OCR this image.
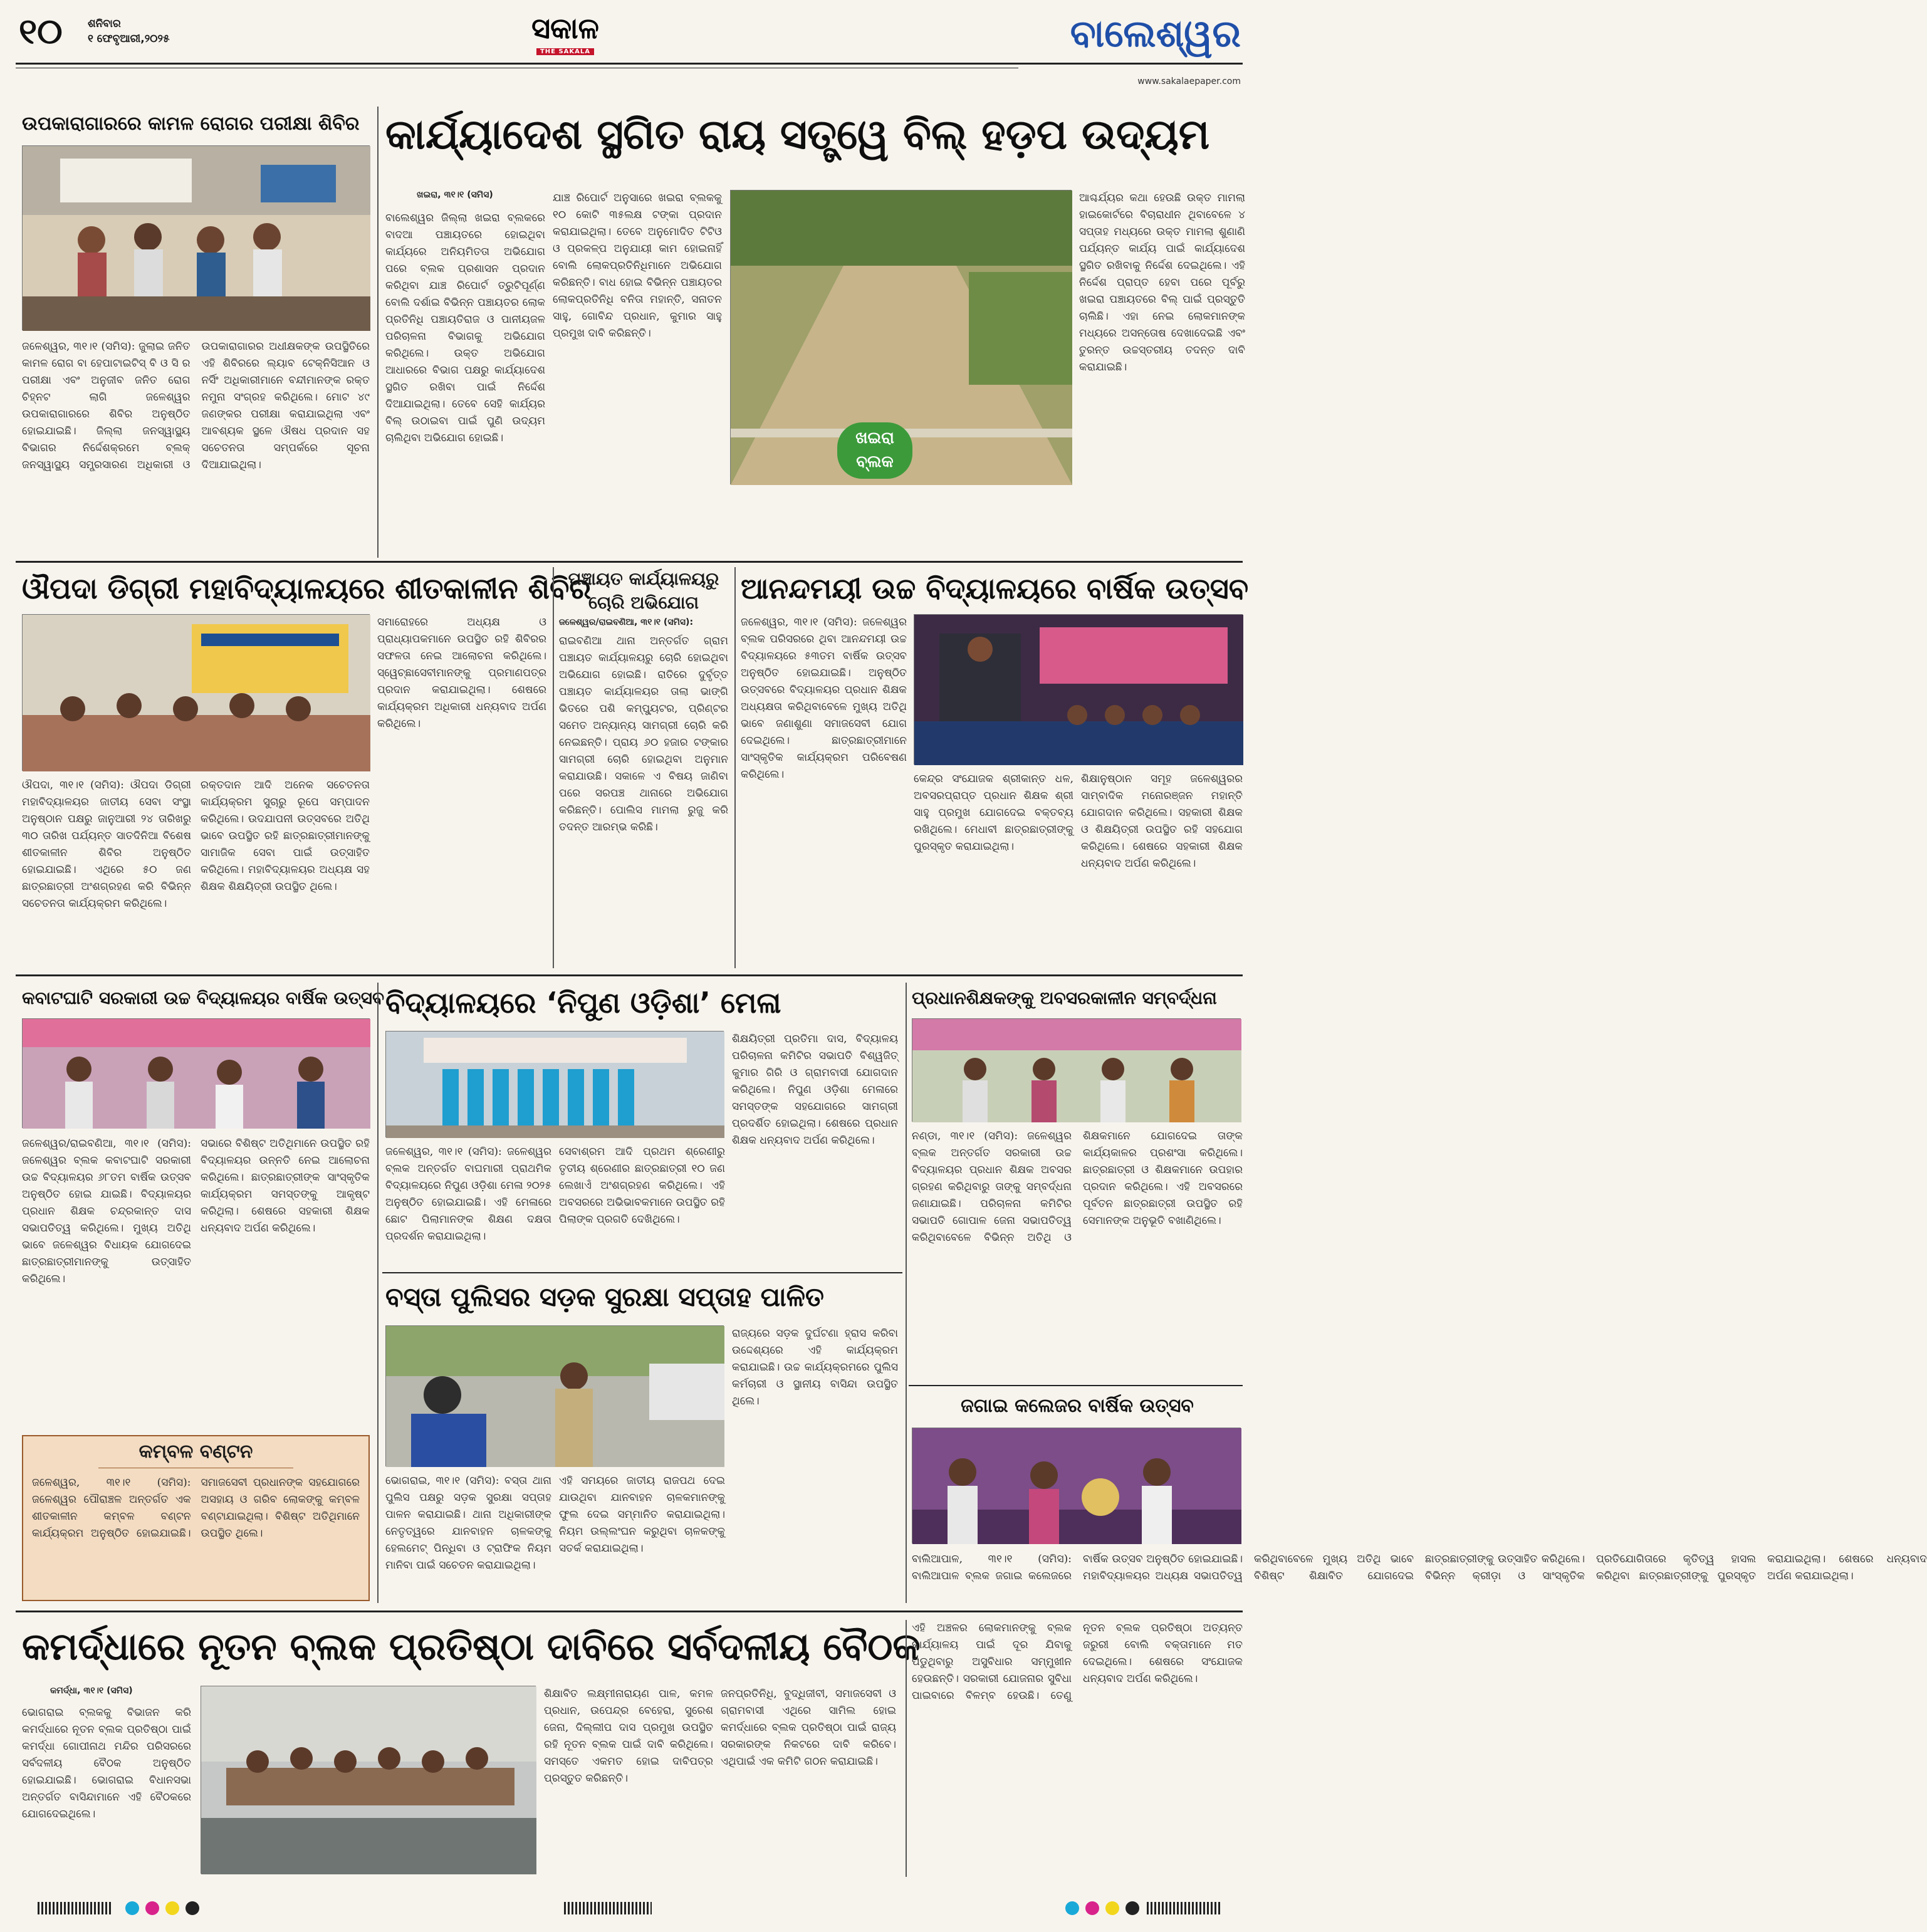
୧୦	ଶନିବାର
୧ ଫେବୃଆରୀ,୨୦୨୫	ସକାଳ
THE SAKALA	ବାଲେଶ୍ୱର
www.sakalaepaper.com
ଉପକାରାଗାରରେ କାମଳ ରୋଗର ପରୀକ୍ଷା ଶିବିର
ଜଳେଶ୍ୱର, ୩୧।୧ (ସମିସ): ଜୁଲାଇ ଜନିତ କାମଳ ରୋଗ ବା ହେପାଟାଇଟିସ୍ ବି ଓ ସି ର ପରୀକ୍ଷା ଏବଂ ଅନୁଜୀବ ଜନିତ ରୋଗ ଚିହ୍ନଟ ଲାଗି ଜଳେଶ୍ୱର ଉପକାରାଗାରରେ ଶିବିର ଅନୁଷ୍ଠିତ ହୋଇଯାଇଛି। ଜିଲ୍ଲା ଜନସ୍ୱାସ୍ଥ୍ୟ ବିଭାଗର ନିର୍ଦ୍ଦେଶକ୍ରମେ ବ୍ଲକ୍ ଜନସ୍ୱାସ୍ଥ୍ୟ ସମ୍ପ୍ରସାରଣ ଅଧିକାରୀ ଓ ଉପକାରାଗାରର ଅଧୀକ୍ଷକଙ୍କ ଉପସ୍ଥିତିରେ ଏହି ଶିବିରରେ ଲ୍ୟାବ ଟେକ୍ନିସିଆନ ଓ ନର୍ସିଂ ଅଧିକାରୀମାନେ ବନ୍ଦୀମାନଙ୍କ ରକ୍ତ ନମୁନା ସଂଗ୍ରହ କରିଥିଲେ। ମୋଟ ୪୯ ଜଣଙ୍କର ପରୀକ୍ଷା କରାଯାଇଥିଲା ଏବଂ ଆବଶ୍ୟକ ସ୍ଥଳେ ଔଷଧ ପ୍ରଦାନ ସହ ସଚେତନତା ସମ୍ପର୍କରେ ସୂଚନା ଦିଆଯାଇଥିଲା।
କାର୍ଯ୍ୟାଦେଶ ସ୍ଥଗିତ ରାୟ ସତ୍ତ୍ୱେ ବିଲ୍ ହଡ଼ପ ଉଦ୍ୟମ
ଖଇରା, ୩୧।୧ (ସମିସ)
ବାଲେଶ୍ୱର ଜିଲ୍ଲା ଖଇରା ବ୍ଲକରେ ବାଦଆ ପଞ୍ଚାୟତରେ ହୋଇଥିବା କାର୍ଯ୍ୟରେ ଅନିୟମିତତା ଅଭିଯୋଗ ପରେ ବ୍ଲକ ପ୍ରଶାସନ ପ୍ରଦାନ କରିଥିବା ଯାଞ୍ଚ ରିପୋର୍ଟ ତ୍ରୁଟିପୂର୍ଣ୍ଣ ବୋଲି ଦର୍ଶାଇ ବିଭିନ୍ନ ପଞ୍ଚାୟତର ଲୋକ ପ୍ରତିନିଧି ପଞ୍ଚାୟତିରାଜ ଓ ପାନୀୟଜଳ ପରିଚାଳନା ବିଭାଗକୁ ଅଭିଯୋଗ କରିଥିଲେ। ଉକ୍ତ ଅଭିଯୋଗ ଆଧାରରେ ବିଭାଗ ପକ୍ଷରୁ କାର୍ଯ୍ୟାଦେଶ ସ୍ଥଗିତ ରଖିବା ପାଇଁ ନିର୍ଦ୍ଦେଶ ଦିଆଯାଇଥିଲା। ତେବେ ସେହି କାର୍ଯ୍ୟର ବିଲ୍ ଉଠାଇବା ପାଇଁ ପୁଣି ଉଦ୍ୟମ ଚାଲିଥିବା ଅଭିଯୋଗ ହୋଇଛି।
ଯାଞ୍ଚ ରିପୋର୍ଟ ଅନୁସାରେ ଖଇରା ବ୍ଲକକୁ ୧୦ କୋଟି ୩୫ଲକ୍ଷ ଟଙ୍କା ପ୍ରଦାନ କରାଯାଇଥିଲା। ତେବେ ଅନୁମୋଦିତ ଟିଟିଓ ଓ ପ୍ରକଳ୍ପ ଅନୁଯାୟୀ କାମ ହୋଇନାହିଁ ବୋଲି ଲୋକପ୍ରତିନିଧିମାନେ ଅଭିଯୋଗ କରିଛନ୍ତି। ବାଧ ହୋଇ ବିଭିନ୍ନ ପଞ୍ଚାୟତର ଲୋକପ୍ରତିନିଧି ବନିତା ମହାନ୍ତି, ସନାତନ ସାହୁ, ଗୋବିନ୍ଦ ପ୍ରଧାନ, କୁମାର ସାହୁ ପ୍ରମୁଖ ଦାବି କରିଛନ୍ତି।
ଖଇରା
ବ୍ଲକ
ଆଶ୍ଚର୍ଯ୍ୟର କଥା ହେଉଛି ଉକ୍ତ ମାମଲା ହାଇକୋର୍ଟରେ ବିଚାରାଧୀନ ଥିବାବେଳେ ୪ ସପ୍ତାହ ମଧ୍ୟରେ ଉକ୍ତ ମାମଲା ଶୁଣାଣି ପର୍ଯ୍ୟନ୍ତ କାର୍ଯ୍ୟ ପାଇଁ କାର୍ଯ୍ୟାଦେଶ ସ୍ଥଗିତ ରଖିବାକୁ ନିର୍ଦ୍ଦେଶ ଦେଇଥିଲେ। ଏହି ନିର୍ଦ୍ଦେଶ ପ୍ରାପ୍ତ ହେବା ପରେ ପୂର୍ବରୁ ଖଇରା ପଞ୍ଚାୟତରେ ବିଲ୍ ପାଇଁ ପ୍ରସ୍ତୁତି ଚାଲିଛି। ଏହା ନେଇ ଲୋକମାନଙ୍କ ମଧ୍ୟରେ ଅସନ୍ତୋଷ ଦେଖାଦେଇଛି ଏବଂ ତୁରନ୍ତ ଉଚ୍ଚସ୍ତରୀୟ ତଦନ୍ତ ଦାବି କରାଯାଇଛି।
ଔପଦା ଡିଗ୍ରୀ ମହାବିଦ୍ୟାଳୟରେ ଶୀତକାଳୀନ ଶିବିର
ଔପଦା, ୩୧।୧ (ସମିସ): ଔପଦା ଡିଗ୍ରୀ ମହାବିଦ୍ୟାଳୟର ଜାତୀୟ ସେବା ସଂସ୍ଥା ଅନୁଷ୍ଠାନ ପକ୍ଷରୁ ଜାନୁଆରୀ ୨୪ ତାରିଖରୁ ୩୦ ତାରିଖ ପର୍ଯ୍ୟନ୍ତ ସାତଦିନିଆ ବିଶେଷ ଶୀତକାଳୀନ ଶିବିର ଅନୁଷ୍ଠିତ ହୋଇଯାଇଛି। ଏଥିରେ ୫୦ ଜଣ ଛାତ୍ରଛାତ୍ରୀ ଅଂଶଗ୍ରହଣ କରି ବିଭିନ୍ନ ସଚେତନତା କାର୍ଯ୍ୟକ୍ରମ କରିଥିଲେ।
ରକ୍ତଦାନ ଆଦି ଅନେକ ସଚେତନତା କାର୍ଯ୍ୟକ୍ରମ ସୁଚାରୁ ରୂପେ ସମ୍ପାଦନ କରିଥିଲେ। ଉଦଯାପନୀ ଉତ୍ସବରେ ଅତିଥି ଭାବେ ଉପସ୍ଥିତ ରହି ଛାତ୍ରଛାତ୍ରୀମାନଙ୍କୁ ସାମାଜିକ ସେବା ପାଇଁ ଉତ୍ସାହିତ କରିଥିଲେ। ମହାବିଦ୍ୟାଳୟର ଅଧ୍ୟକ୍ଷ ସହ ଶିକ୍ଷକ ଶିକ୍ଷୟିତ୍ରୀ ଉପସ୍ଥିତ ଥିଲେ।
ସମାରୋହରେ ଅଧ୍ୟକ୍ଷ ଓ ପ୍ରାଧ୍ୟାପକମାନେ ଉପସ୍ଥିତ ରହି ଶିବିରର ସଫଳତା ନେଇ ଆଲୋଚନା କରିଥିଲେ। ସ୍ୱେଚ୍ଛାସେବୀମାନଙ୍କୁ ପ୍ରମାଣପତ୍ର ପ୍ରଦାନ କରାଯାଇଥିଲା। ଶେଷରେ କାର୍ଯ୍ୟକ୍ରମ ଅଧିକାରୀ ଧନ୍ୟବାଦ ଅର୍ପଣ କରିଥିଲେ।
ପଞ୍ଚାୟତ କାର୍ଯ୍ୟାଳୟରୁ
ଚୋରି ଅଭିଯୋଗ
ଜଳେଶ୍ୱର/ରାଇବଣିଆ, ୩୧।୧ (ସମିସ):
ରାଇବଣିଆ ଥାନା ଅନ୍ତର୍ଗତ ଗ୍ରାମ ପଞ୍ଚାୟତ କାର୍ଯ୍ୟାଳୟରୁ ଚୋରି ହୋଇଥିବା ଅଭିଯୋଗ ହୋଇଛି। ରାତିରେ ଦୁର୍ବୃତ୍ତ ପଞ୍ଚାୟତ କାର୍ଯ୍ୟାଳୟର ତାଲା ଭାଙ୍ଗି ଭିତରେ ପଶି କମ୍ପ୍ୟୁଟର, ପ୍ରିଣ୍ଟର ସମେତ ଅନ୍ୟାନ୍ୟ ସାମଗ୍ରୀ ଚୋରି କରି ନେଇଛନ୍ତି। ପ୍ରାୟ ୬୦ ହଜାର ଟଙ୍କାର ସାମଗ୍ରୀ ଚୋରି ହୋଇଥିବା ଅନୁମାନ କରାଯାଉଛି। ସକାଳେ ଏ ବିଷୟ ଜାଣିବା ପରେ ସରପଞ୍ଚ ଥାନାରେ ଅଭିଯୋଗ କରିଛନ୍ତି। ପୋଲିସ ମାମଲା ରୁଜୁ କରି ତଦନ୍ତ ଆରମ୍ଭ କରିଛି।
ଆନନ୍ଦମୟୀ ଉଚ୍ଚ ବିଦ୍ୟାଳୟରେ ବାର୍ଷିକ ଉତ୍ସବ
ଜଳେଶ୍ୱର, ୩୧।୧ (ସମିସ): ଜଳେଶ୍ୱର ବ୍ଲକ ପରିସରରେ ଥିବା ଆନନ୍ଦମୟୀ ଉଚ୍ଚ ବିଦ୍ୟାଳୟରେ ୫୩ତମ ବାର୍ଷିକ ଉତ୍ସବ ଅନୁଷ୍ଠିତ ହୋଇଯାଇଛି। ଅନୁଷ୍ଠିତ ଉତ୍ସବରେ ବିଦ୍ୟାଳୟର ପ୍ରଧାନ ଶିକ୍ଷକ ଅଧ୍ୟକ୍ଷତା କରିଥିବାବେଳେ ମୁଖ୍ୟ ଅତିଥି ଭାବେ ଜଣାଶୁଣା ସମାଜସେବୀ ଯୋଗ ଦେଇଥିଲେ। ଛାତ୍ରଛାତ୍ରୀମାନେ ସାଂସ୍କୃତିକ କାର୍ଯ୍ୟକ୍ରମ ପରିବେଷଣ କରିଥିଲେ।	କେନ୍ଦ୍ର ସଂଯୋଜକ ଶ୍ରୀକାନ୍ତ ଧଳ, ଅବସରପ୍ରାପ୍ତ ପ୍ରଧାନ ଶିକ୍ଷକ ଶ୍ରୀ ସାହୁ ପ୍ରମୁଖ ଯୋଗଦେଇ ବକ୍ତବ୍ୟ ରଖିଥିଲେ। ମେଧାବୀ ଛାତ୍ରଛାତ୍ରୀଙ୍କୁ ପୁରସ୍କୃତ କରାଯାଇଥିଲା।
ଶିକ୍ଷାନୁଷ୍ଠାନ ସମୂହ ଜଳେଶ୍ୱରର ସାମ୍ବାଦିକ ମନୋରଞ୍ଜନ ମହାନ୍ତି ଯୋଗଦାନ କରିଥିଲେ। ସହକାରୀ ଶିକ୍ଷକ ଓ ଶିକ୍ଷୟିତ୍ରୀ ଉପସ୍ଥିତ ରହି ସହଯୋଗ କରିଥିଲେ। ଶେଷରେ ସହକାରୀ ଶିକ୍ଷକ ଧନ୍ୟବାଦ ଅର୍ପଣ କରିଥିଲେ।
କବାଟଘାଟି ସରକାରୀ ଉଚ୍ଚ ବିଦ୍ୟାଳୟର ବାର୍ଷିକ ଉତ୍ସବ
ଜଳେଶ୍ୱର/ରାଇବଣିଆ, ୩୧।୧ (ସମିସ): ଜଳେଶ୍ୱର ବ୍ଲକ କବାଟଘାଟି ସରକାରୀ ଉଚ୍ଚ ବିଦ୍ୟାଳୟର ୬୮ତମ ବାର୍ଷିକ ଉତ୍ସବ ଅନୁଷ୍ଠିତ ହୋଇ ଯାଇଛି। ବିଦ୍ୟାଳୟର ପ୍ରଧାନ ଶିକ୍ଷକ ଚନ୍ଦ୍ରକାନ୍ତ ଦାସ ସଭାପତିତ୍ୱ କରିଥିଲେ। ମୁଖ୍ୟ ଅତିଥି ଭାବେ ଜଳେଶ୍ୱର ବିଧାୟକ ଯୋଗଦେଇ ଛାତ୍ରଛାତ୍ରୀମାନଙ୍କୁ ଉତ୍ସାହିତ କରିଥିଲେ।
ସଭାରେ ବିଶିଷ୍ଟ ଅତିଥିମାନେ ଉପସ୍ଥିତ ରହି ବିଦ୍ୟାଳୟର ଉନ୍ନତି ନେଇ ଆଲୋଚନା କରିଥିଲେ। ଛାତ୍ରଛାତ୍ରୀଙ୍କ ସାଂସ୍କୃତିକ କାର୍ଯ୍ୟକ୍ରମ ସମସ୍ତଙ୍କୁ ଆକୃଷ୍ଟ କରିଥିଲା। ଶେଷରେ ସହକାରୀ ଶିକ୍ଷକ ଧନ୍ୟବାଦ ଅର୍ପଣ କରିଥିଲେ।
କମ୍ବଳ ବଣ୍ଟନ
ଜଳେଶ୍ୱର, ୩୧।୧ (ସମିସ): ଜଳେଶ୍ୱର ପୌରାଞ୍ଚଳ ଅନ୍ତର୍ଗତ ଏକ ଶୀତକାଳୀନ କମ୍ବଳ ବଣ୍ଟନ କାର୍ଯ୍ୟକ୍ରମ ଅନୁଷ୍ଠିତ ହୋଇଯାଇଛି। ସମାଜସେବୀ ପ୍ରଧାନଙ୍କ ସହଯୋଗରେ ଅସହାୟ ଓ ଗରିବ ଲୋକଙ୍କୁ କମ୍ବଳ ବଣ୍ଟାଯାଇଥିଲା। ବିଶିଷ୍ଟ ଅତିଥିମାନେ ଉପସ୍ଥିତ ଥିଲେ।
ବିଦ୍ୟାଳୟରେ ‘ନିପୁଣ ଓଡ଼ିଶା’ ମେଳା
ଜଳେଶ୍ୱର, ୩୧।୧ (ସମିସ): ଜଳେଶ୍ୱର ବ୍ଲକ ଅନ୍ତର୍ଗତ ବାଘମାରୀ ପ୍ରାଥମିକ ବିଦ୍ୟାଳୟରେ ନିପୁଣ ଓଡ଼ିଶା ମେଳା ୨୦୨୫ ଅନୁଷ୍ଠିତ ହୋଇଯାଇଛି। ଏହି ମେଳାରେ ଛୋଟ ପିଲାମାନଙ୍କ ଶିକ୍ଷଣ ଦକ୍ଷତା ପ୍ରଦର୍ଶନ କରାଯାଇଥିଲା।
ସେବାଶ୍ରମ ଆଦି ପ୍ରଥମ ଶ୍ରେଣୀରୁ ତୃତୀୟ ଶ୍ରେଣୀର ଛାତ୍ରଛାତ୍ରୀ ୧୦ ଜଣ ଲେଖାଏଁ ଅଂଶଗ୍ରହଣ କରିଥିଲେ। ଏହି ଅବସରରେ ଅଭିଭାବକମାନେ ଉପସ୍ଥିତ ରହି ପିଲାଙ୍କ ପ୍ରଗତି ଦେଖିଥିଲେ।
ଶିକ୍ଷୟିତ୍ରୀ ପ୍ରତିମା ଦାସ, ବିଦ୍ୟାଳୟ ପରିଚାଳନା କମିଟିର ସଭାପତି ବିଶ୍ୱଜିତ୍ କୁମାର ଗିରି ଓ ଗ୍ରାମବାସୀ ଯୋଗଦାନ କରିଥିଲେ। ନିପୁଣ ଓଡ଼ିଶା ମେଳାରେ ସମସ୍ତଙ୍କ ସହଯୋଗରେ ସାମଗ୍ରୀ ପ୍ରଦର୍ଶିତ ହୋଇଥିଲା। ଶେଷରେ ପ୍ରଧାନ ଶିକ୍ଷକ ଧନ୍ୟବାଦ ଅର୍ପଣ କରିଥିଲେ।
ବସ୍ତା ପୁଲିସର ସଡ଼କ ସୁରକ୍ଷା ସପ୍ତାହ ପାଳିତ
ଭୋଗରାଇ, ୩୧।୧ (ସମିସ): ବସ୍ତା ଥାନା ପୁଲିସ ପକ୍ଷରୁ ସଡ଼କ ସୁରକ୍ଷା ସପ୍ତାହ ପାଳନ କରାଯାଇଛି। ଥାନା ଅଧିକାରୀଙ୍କ ନେତୃତ୍ୱରେ ଯାନବାହନ ଚାଳକଙ୍କୁ ହେଲମେଟ୍ ପିନ୍ଧିବା ଓ ଟ୍ରାଫିକ ନିୟମ ମାନିବା ପାଇଁ ସଚେତନ କରାଯାଇଥିଲା।
ଏହି ସମୟରେ ଜାତୀୟ ରାଜପଥ ଦେଇ ଯାଉଥିବା ଯାନବାହନ ଚାଳକମାନଙ୍କୁ ଫୁଲ ଦେଇ ସମ୍ମାନିତ କରାଯାଇଥିଲା। ନିୟମ ଉଲ୍ଲଂଘନ କରୁଥିବା ଚାଳକଙ୍କୁ ସତର୍କ କରାଯାଇଥିଲା।
ରାଜ୍ୟରେ ସଡ଼କ ଦୁର୍ଘଟଣା ହ୍ରାସ କରିବା ଉଦ୍ଦେଶ୍ୟରେ ଏହି କାର୍ଯ୍ୟକ୍ରମ କରାଯାଇଛି। ଉଚ୍ଚ କାର୍ଯ୍ୟକ୍ରମରେ ପୁଲିସ କର୍ମଚାରୀ ଓ ସ୍ଥାନୀୟ ବାସିନ୍ଦା ଉପସ୍ଥିତ ଥିଲେ।
ପ୍ରଧାନଶିକ୍ଷକଙ୍କୁ ଅବସରକାଳୀନ ସମ୍ବର୍ଦ୍ଧନା
ନଣ୍ଡା, ୩୧।୧ (ସମିସ): ଜଳେଶ୍ୱର ବ୍ଲକ ଅନ୍ତର୍ଗତ ସରକାରୀ ଉଚ୍ଚ ବିଦ୍ୟାଳୟର ପ୍ରଧାନ ଶିକ୍ଷକ ଅବସର ଗ୍ରହଣ କରିଥିବାରୁ ତାଙ୍କୁ ସମ୍ବର୍ଦ୍ଧନା ଜଣାଯାଇଛି। ପରିଚାଳନା କମିଟିର ସଭାପତି ଗୋପାଳ ଜେନା ସଭାପତିତ୍ୱ କରିଥିବାବେଳେ ବିଭିନ୍ନ ଅତିଥି ଓ ଶିକ୍ଷକମାନେ ଯୋଗଦେଇ ତାଙ୍କ କାର୍ଯ୍ୟକାଳର ପ୍ରଶଂସା କରିଥିଲେ। ଛାତ୍ରଛାତ୍ରୀ ଓ ଶିକ୍ଷକମାନେ ଉପହାର ପ୍ରଦାନ କରିଥିଲେ। ଏହି ଅବସରରେ ପୂର୍ବତନ ଛାତ୍ରଛାତ୍ରୀ ଉପସ୍ଥିତ ରହି ସେମାନଙ୍କ ଅନୁଭୂତି ବଖାଣିଥିଲେ।
ଜଗାଇ କଲେଜର ବାର୍ଷିକ ଉତ୍ସବ
ବାଲିଆପାଳ, ୩୧।୧ (ସମିସ): ବାଲିଆପାଳ ବ୍ଲକ ଜଗାଇ କଲେଜରେ ବାର୍ଷିକ ଉତ୍ସବ ଅନୁଷ୍ଠିତ ହୋଇଯାଇଛି। ମହାବିଦ୍ୟାଳୟର ଅଧ୍ୟକ୍ଷ ସଭାପତିତ୍ୱ କରିଥିବାବେଳେ ମୁଖ୍ୟ ଅତିଥି ଭାବେ ବିଶିଷ୍ଟ ଶିକ୍ଷାବିତ ଯୋଗଦେଇ ଛାତ୍ରଛାତ୍ରୀଙ୍କୁ ଉତ୍ସାହିତ କରିଥିଲେ। ବିଭିନ୍ନ କ୍ରୀଡ଼ା ଓ ସାଂସ୍କୃତିକ ପ୍ରତିଯୋଗିତାରେ କୃତିତ୍ୱ ହାସଲ କରିଥିବା ଛାତ୍ରଛାତ୍ରୀଙ୍କୁ ପୁରସ୍କୃତ କରାଯାଇଥିଲା। ଶେଷରେ ଧନ୍ୟବାଦ ଅର୍ପଣ କରାଯାଇଥିଲା।
କମର୍ଦ୍ଧାରେ ନୂତନ ବ୍ଲକ ପ୍ରତିଷ୍ଠା ଦାବିରେ ସର୍ବଦଳୀୟ ବୈଠକ
କମର୍ଦ୍ଧା, ୩୧।୧ (ସମିସ)
ଭୋଗରାଇ ବ୍ଲକକୁ ବିଭାଜନ କରି କମର୍ଦ୍ଧାରେ ନୂତନ ବ୍ଲକ ପ୍ରତିଷ୍ଠା ପାଇଁ କମର୍ଦ୍ଧା ଗୋପୀନାଥ ମନ୍ଦିର ପରିସରରେ ସର୍ବଦଳୀୟ ବୈଠକ ଅନୁଷ୍ଠିତ ହୋଇଯାଇଛି। ଭୋଗରାଇ ବିଧାନସଭା ଅନ୍ତର୍ଗତ ବାସିନ୍ଦାମାନେ ଏହି ବୈଠକରେ ଯୋଗଦେଇଥିଲେ।
ଶିକ୍ଷାବିତ ଲକ୍ଷ୍ମୀନାରାୟଣ ପାଳ, କମଳ ପ୍ରଧାନ, ଉପେନ୍ଦ୍ର ବେହେରା, ସୁରେଶ ଜେନା, ଦିଲ୍ଲୀପ ଦାସ ପ୍ରମୁଖ ଉପସ୍ଥିତ ରହି ନୂତନ ବ୍ଲକ ପାଇଁ ଦାବି କରିଥିଲେ। ସମସ୍ତେ ଏକମତ ହୋଇ ଦାବିପତ୍ର ପ୍ରସ୍ତୁତ କରିଛନ୍ତି।
ଜନପ୍ରତିନିଧି, ବୁଦ୍ଧିଜୀବୀ, ସମାଜସେବୀ ଓ ଗ୍ରାମବାସୀ ଏଥିରେ ସାମିଲ ହୋଇ କମର୍ଦ୍ଧାରେ ବ୍ଲକ ପ୍ରତିଷ୍ଠା ପାଇଁ ରାଜ୍ୟ ସରକାରଙ୍କ ନିକଟରେ ଦାବି କରିବେ। ଏଥିପାଇଁ ଏକ କମିଟି ଗଠନ କରାଯାଇଛି।
ଏହି ଅଞ୍ଚଳର ଲୋକମାନଙ୍କୁ ବ୍ଲକ କାର୍ଯ୍ୟାଳୟ ପାଇଁ ଦୂର ଯିବାକୁ ପଡୁଥିବାରୁ ଅସୁବିଧାର ସମ୍ମୁଖୀନ ହେଉଛନ୍ତି। ସରକାରୀ ଯୋଜନାର ସୁବିଧା ପାଇବାରେ ବିଳମ୍ବ ହେଉଛି। ତେଣୁ ନୂତନ ବ୍ଲକ ପ୍ରତିଷ୍ଠା ଅତ୍ୟନ୍ତ ଜରୁରୀ ବୋଲି ବକ୍ତାମାନେ ମତ ଦେଇଥିଲେ। ଶେଷରେ ସଂଯୋଜକ ଧନ୍ୟବାଦ ଅର୍ପଣ କରିଥିଲେ।
